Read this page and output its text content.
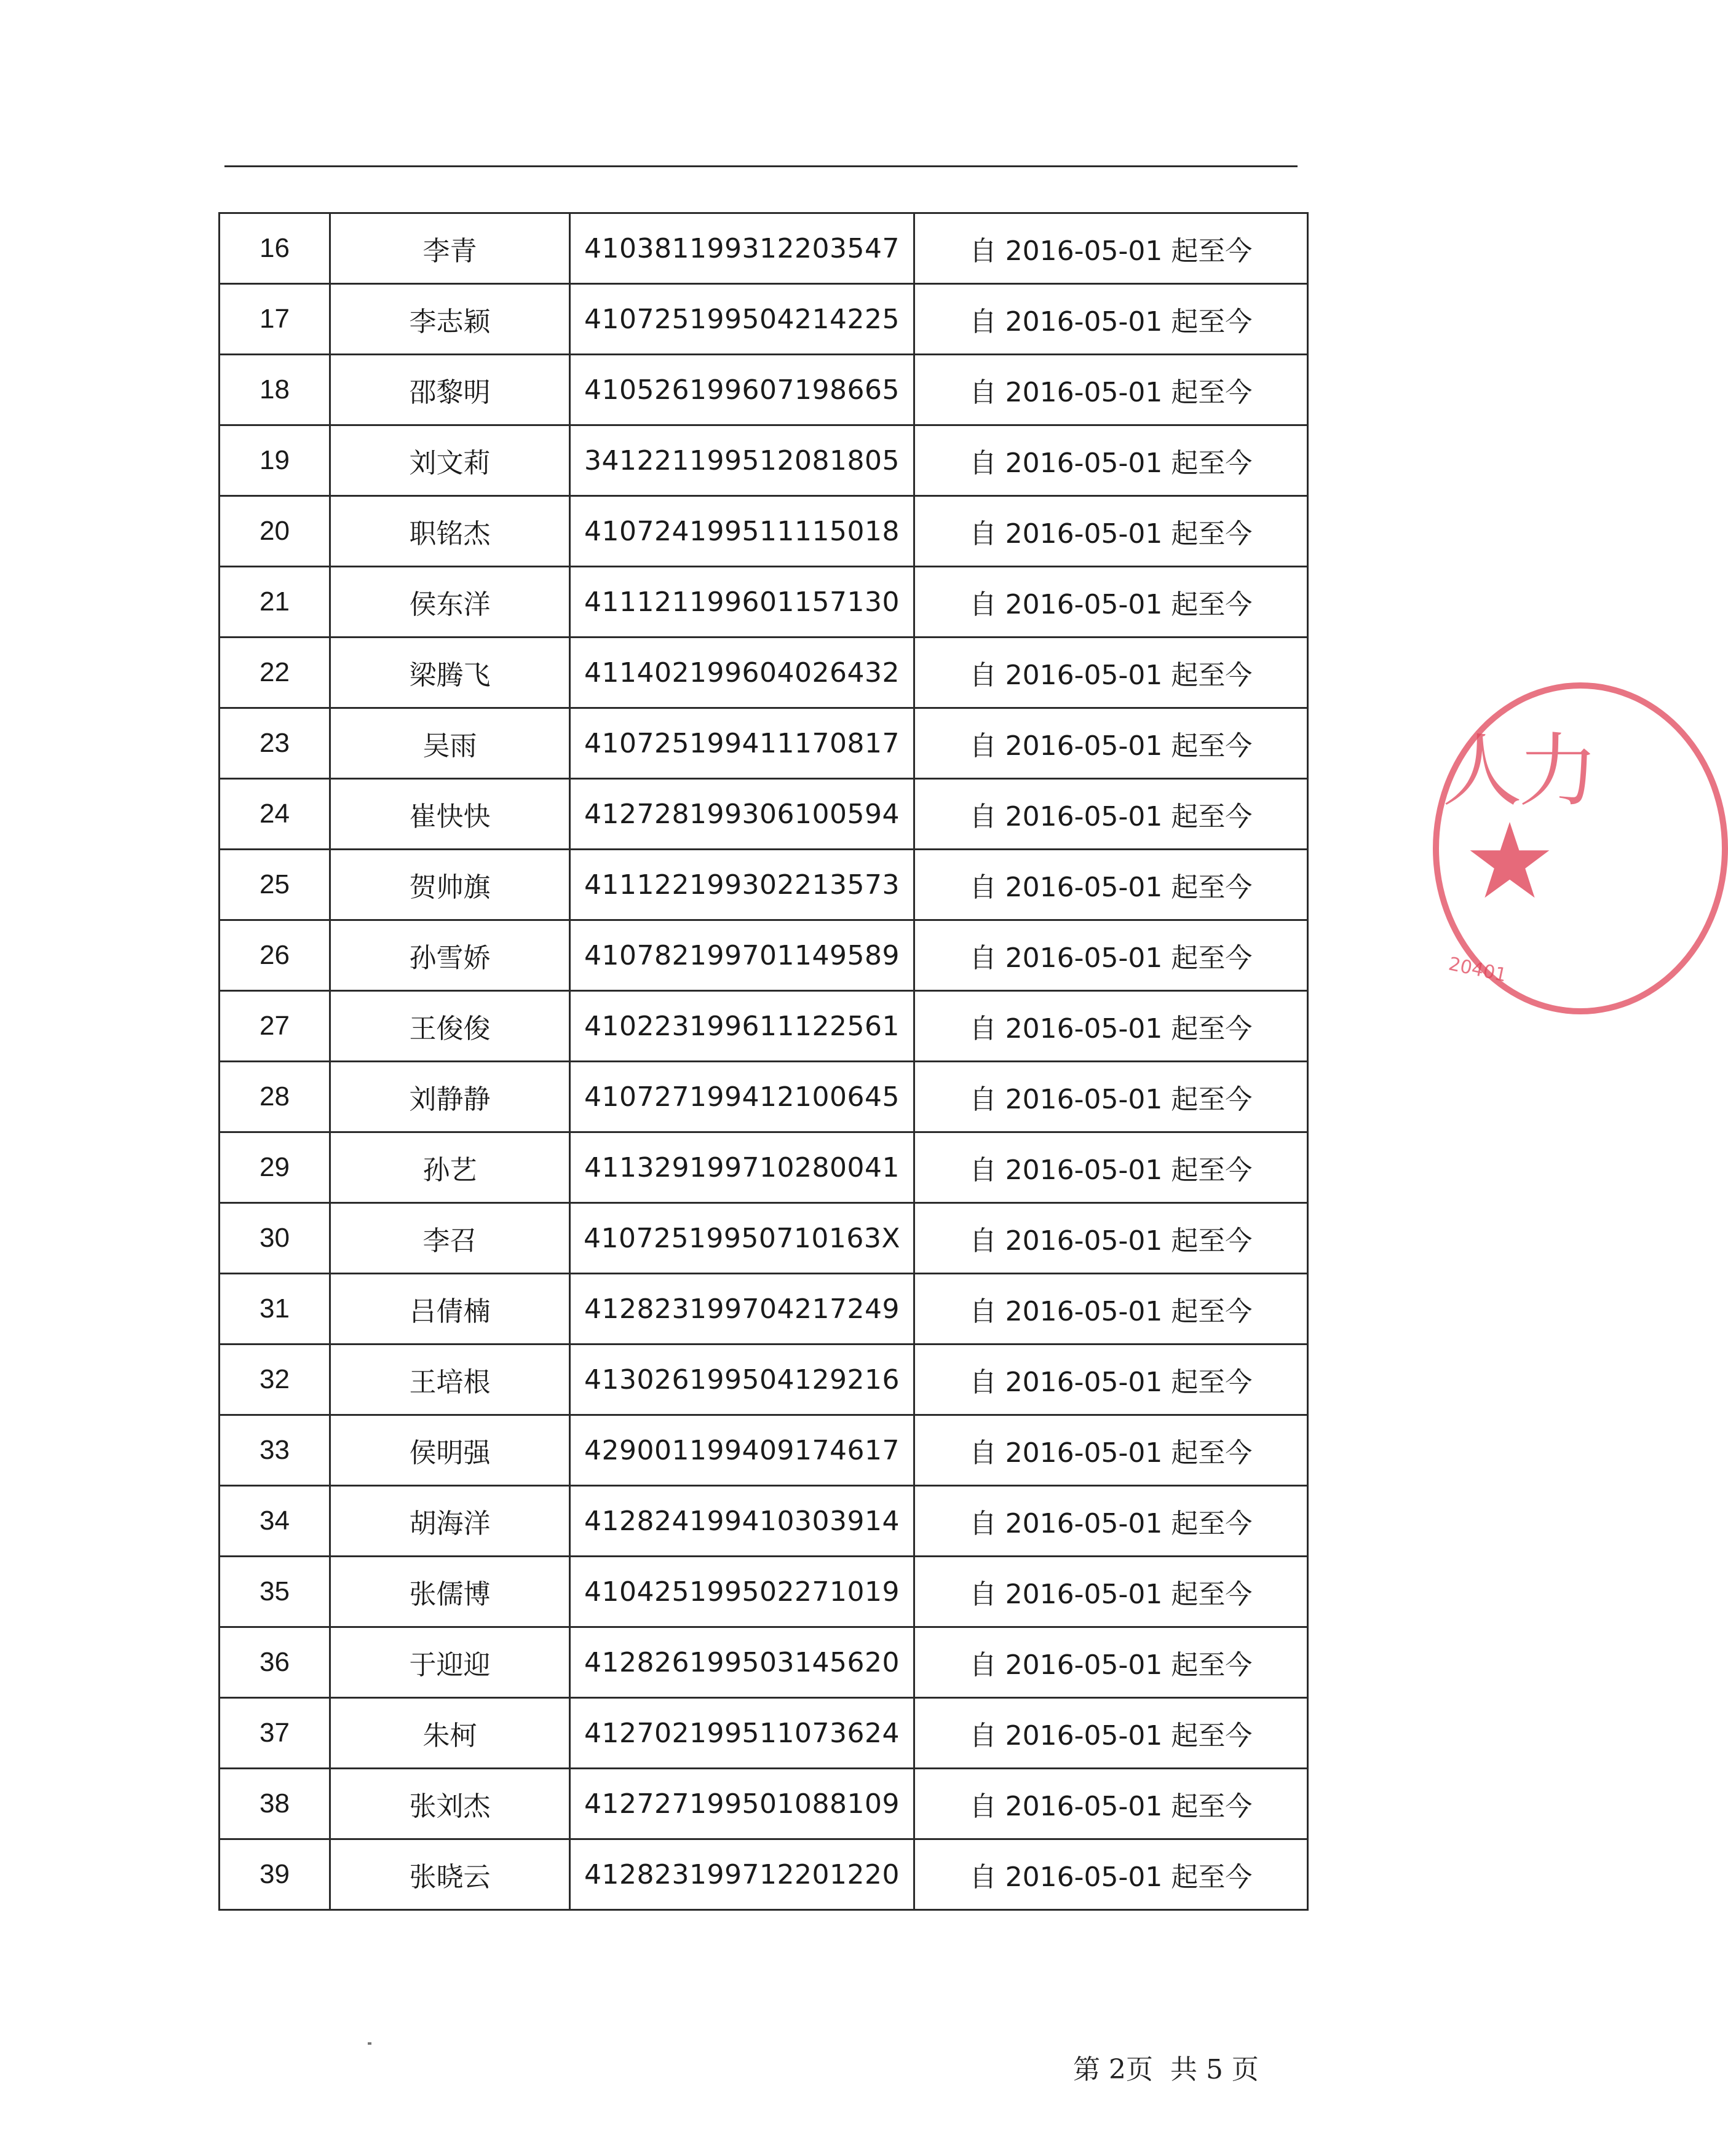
16	李青	410381199312203547	自 2016-05-01 起至今
17	李志颖	410725199504214225	自 2016-05-01 起至今
18	邵黎明	410526199607198665	自 2016-05-01 起至今
19	刘文莉	341221199512081805	自 2016-05-01 起至今
20	职铭杰	410724199511115018	自 2016-05-01 起至今
21	侯东洋	411121199601157130	自 2016-05-01 起至今
22	梁腾飞	411402199604026432	自 2016-05-01 起至今
23	吴雨	410725199411170817	自 2016-05-01 起至今
24	崔快快	412728199306100594	自 2016-05-01 起至今
25	贺帅旗	411122199302213573	自 2016-05-01 起至今
26	孙雪娇	410782199701149589	自 2016-05-01 起至今
27	王俊俊	410223199611122561	自 2016-05-01 起至今
28	刘静静	410727199412100645	自 2016-05-01 起至今
29	孙艺	411329199710280041	自 2016-05-01 起至今
30	李召	41072519950710163X	自 2016-05-01 起至今
31	吕倩楠	412823199704217249	自 2016-05-01 起至今
32	王培根	413026199504129216	自 2016-05-01 起至今
33	侯明强	429001199409174617	自 2016-05-01 起至今
34	胡海洋	412824199410303914	自 2016-05-01 起至今
35	张儒博	410425199502271019	自 2016-05-01 起至今
36	于迎迎	412826199503145620	自 2016-05-01 起至今
37	朱柯	412702199511073624	自 2016-05-01 起至今
38	张刘杰	412727199501088109	自 2016-05-01 起至今
39	张晓云	412823199712201220	自 2016-05-01 起至今
人力
20401
第 2页  共 5 页
